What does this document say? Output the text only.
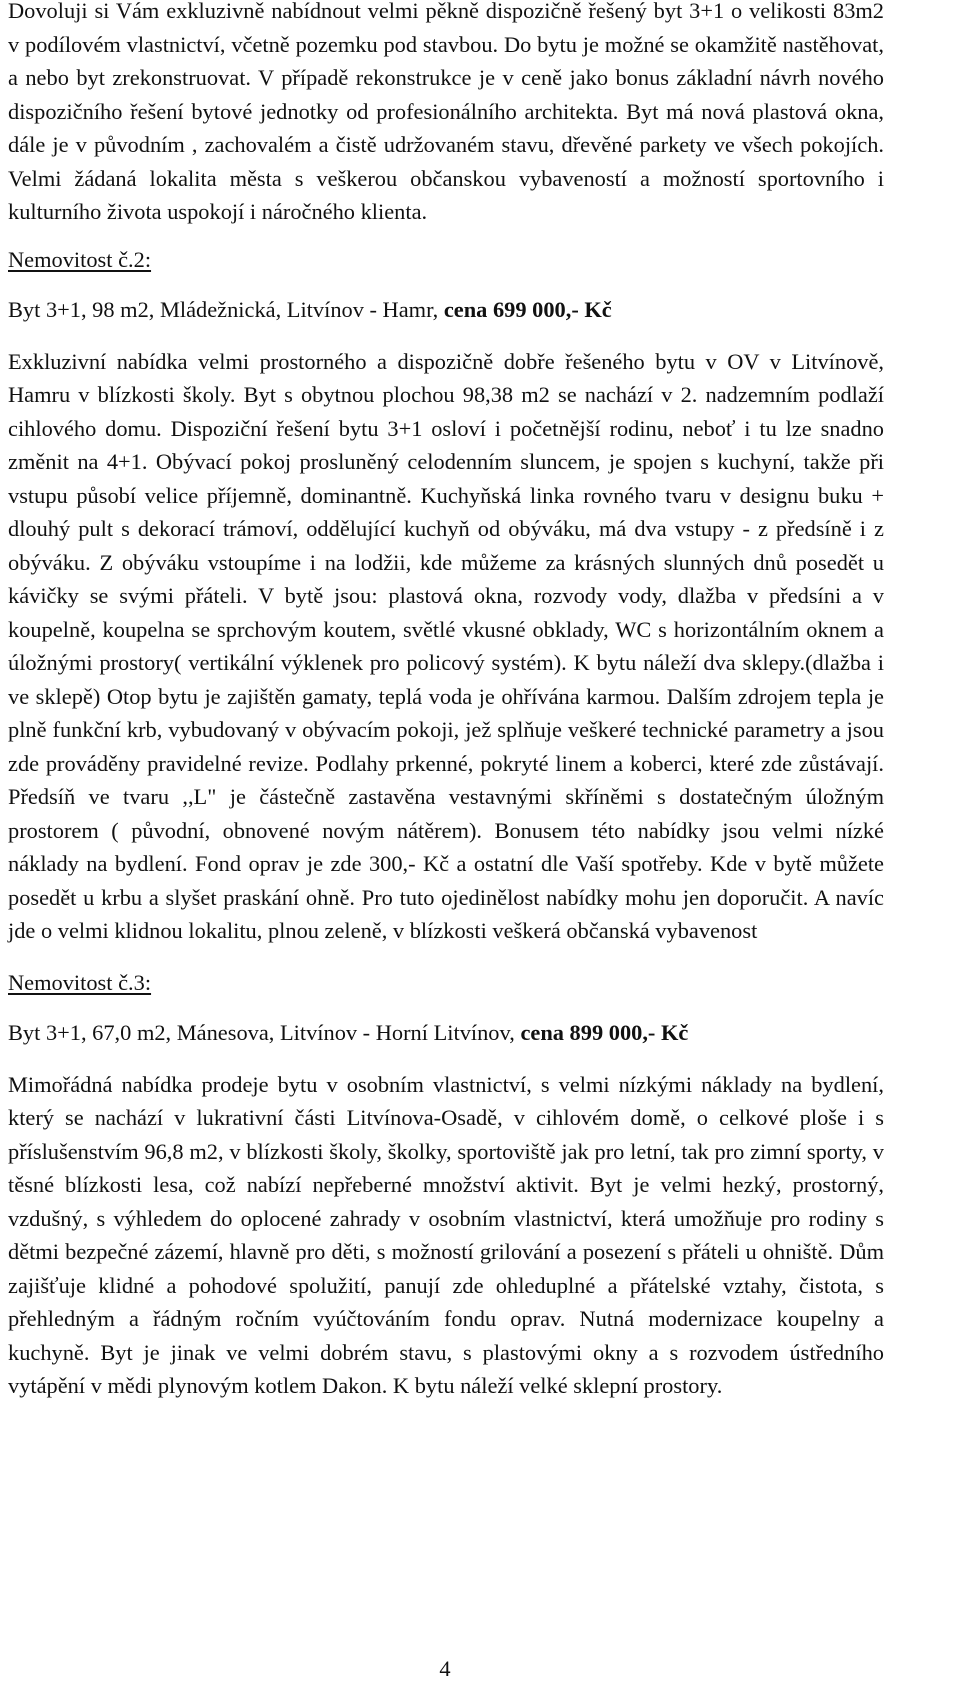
Dovoluji si Vám exkluzivně nabídnout velmi pěkně dispozičně řešený byt 3+1 o velikosti 83m2 v podílovém vlastnictví, včetně pozemku pod stavbou. Do bytu je možné se okamžitě nastěhovat, a nebo byt zrekonstruovat. V případě rekonstrukce je v ceně jako bonus základní návrh nového dispozičního řešení bytové jednotky od profesionálního architekta. Byt má nová plastová okna, dále je v původním , zachovalém a čistě udržovaném stavu, dřevěné parkety ve všech pokojích. Velmi žádaná lokalita města s veškerou občanskou vybaveností a možností sportovního i kulturního života uspokojí i náročného klienta.

Nemovitost č.2:

Byt 3+1, 98 m2, Mládežnická, Litvínov - Hamr, cena 699 000,- Kč

Exkluzivní nabídka velmi prostorného a dispozičně dobře řešeného bytu v OV v Litvínově, Hamru v blízkosti školy. Byt s obytnou plochou 98,38 m2 se nachází v 2. nadzemním podlaží cihlového domu. Dispoziční řešení bytu 3+1 osloví i početnější rodinu, neboť i tu lze snadno změnit na 4+1. Obývací pokoj prosluněný celodenním sluncem, je spojen s kuchyní, takže při vstupu působí velice příjemně, dominantně. Kuchyňská linka rovného tvaru v designu buku + dlouhý pult s dekorací trámoví, oddělující kuchyň od obýváku, má dva vstupy - z předsíně i z obýváku. Z obýváku vstoupíme i na lodžii, kde můžeme za krásných slunných dnů posedět u kávičky se svými přáteli. V bytě jsou: plastová okna, rozvody vody, dlažba v předsíni a v koupelně, koupelna se sprchovým koutem, světlé vkusné obklady, WC s horizontálním oknem a úložnými prostory( vertikální výklenek pro policový systém). K bytu náleží dva sklepy.(dlažba i ve sklepě) Otop bytu je zajištěn gamaty, teplá voda je ohřívána karmou. Dalším zdrojem tepla je plně funkční krb, vybudovaný v obývacím pokoji, jež splňuje veškeré technické parametry a jsou zde prováděny pravidelné revize. Podlahy prkenné, pokryté linem a koberci, které zde zůstávají. Předsíň ve tvaru ,,L" je částečně zastavěna vestavnými skříněmi s dostatečným úložným prostorem ( původní, obnovené novým nátěrem). Bonusem této nabídky jsou velmi nízké náklady na bydlení. Fond oprav je zde 300,- Kč a ostatní dle Vaší spotřeby. Kde v bytě můžete posedět u krbu a slyšet praskání ohně. Pro tuto ojedinělost nabídky mohu jen doporučit. A navíc jde o velmi klidnou lokalitu, plnou zeleně, v blízkosti veškerá občanská vybavenost

Nemovitost č.3:

Byt 3+1, 67,0 m2, Mánesova, Litvínov - Horní Litvínov, cena 899 000,- Kč

Mimořádná nabídka prodeje bytu v osobním vlastnictví, s velmi nízkými náklady na bydlení, který se nachází v lukrativní části Litvínova-Osadě, v cihlovém domě, o celkové ploše i s příslušenstvím 96,8 m2, v blízkosti školy, školky, sportoviště jak pro letní, tak pro zimní sporty, v těsné blízkosti lesa, což nabízí nepřeberné množství aktivit. Byt je velmi hezký, prostorný, vzdušný, s výhledem do oplocené zahrady v osobním vlastnictví, která umožňuje pro rodiny s dětmi bezpečné zázemí, hlavně pro děti, s možností grilování a posezení s přáteli u ohniště. Dům zajišťuje klidné a pohodové spolužití, panují zde ohleduplné a přátelské vztahy, čistota, s přehledným a řádným ročním vyúčtováním fondu oprav. Nutná modernizace koupelny a kuchyně. Byt je jinak ve velmi dobrém stavu, s plastovými okny a s rozvodem ústředního vytápění v mědi plynovým kotlem Dakon. K bytu náleží velké sklepní prostory.

4
